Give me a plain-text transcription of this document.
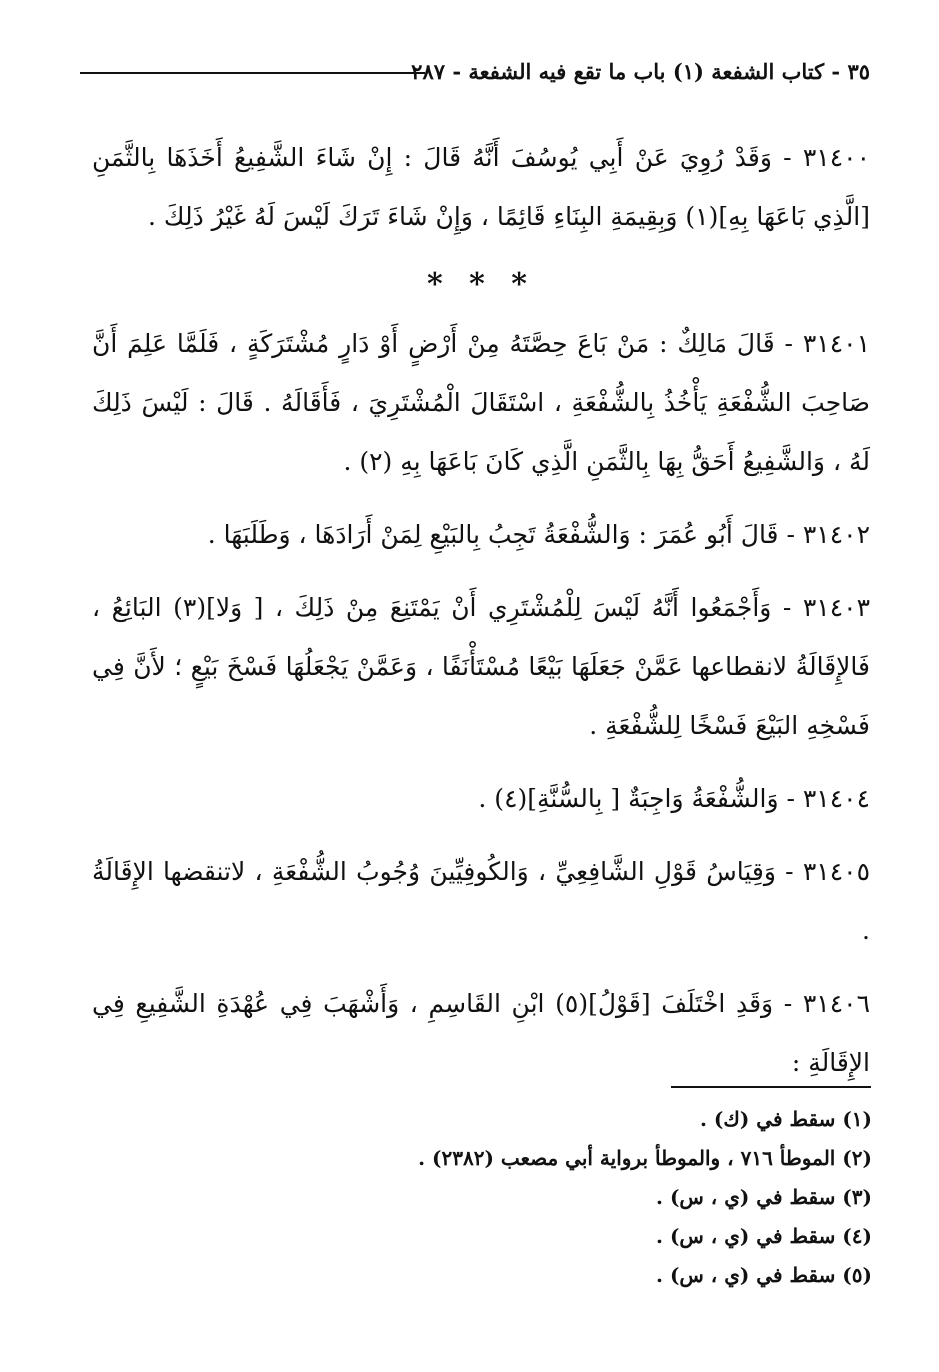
٣٥ - كتاب الشفعة (١) باب ما تقع فيه الشفعة - ٢٨٧

٣١٤٠٠ - وَقَدْ رُوِيَ عَنْ أَبِي يُوسُفَ أَنَّهُ قَالَ : إِنْ شَاءَ الشَّفِيعُ أَخَذَهَا بِالثَّمَنِ [الَّذِي بَاعَهَا بِهِ](١) وَبِقِيمَةِ البِنَاءِ قَائِمًا ، وَإِنْ شَاءَ تَرَكَ لَيْسَ لَهُ غَيْرُ ذَلِكَ .

* * *

٣١٤٠١ - قَالَ مَالِكٌ : مَنْ بَاعَ حِصَّتَهُ مِنْ أَرْضٍ أَوْ دَارٍ مُشْتَرَكَةٍ ، فَلَمَّا عَلِمَ أَنَّ صَاحِبَ الشُّفْعَةِ يَأْخُذُ بِالشُّفْعَةِ ، اسْتَقَالَ الْمُشْتَرِيَ ، فَأَقَالَهُ . قَالَ : لَيْسَ ذَلِكَ لَهُ ، وَالشَّفِيعُ أَحَقُّ بِهَا بِالثَّمَنِ الَّذِي كَانَ بَاعَهَا بِهِ (٢) .

٣١٤٠٢ - قَالَ أَبُو عُمَرَ : وَالشُّفْعَةُ تَجِبُ بِالبَيْعِ لِمَنْ أَرَادَهَا ، وَطَلَبَهَا .

٣١٤٠٣ - وَأَجْمَعُوا أَنَّهُ لَيْسَ لِلْمُشْتَرِي أَنْ يَمْتَنِعَ مِنْ ذَلِكَ ، [ وَلا](٣) البَائِعُ ، فَالإِقَالَةُ لانقطاعها عَمَّنْ جَعَلَهَا بَيْعًا مُسْتَأْنَفًا ، وَعَمَّنْ يَجْعَلُهَا فَسْخَ بَيْعٍ ؛ لأَنَّ فِي فَسْخِهِ البَيْعَ فَسْخًا لِلشُّفْعَةِ .

٣١٤٠٤ - وَالشُّفْعَةُ وَاجِبَةٌ [ بِالسُّنَّةِ](٤) .

٣١٤٠٥ - وَقِيَاسُ قَوْلِ الشَّافِعِيِّ ، وَالكُوفِيِّينَ وُجُوبُ الشُّفْعَةِ ، لاتنقضها الإِقَالَةُ .

٣١٤٠٦ - وَقَدِ اخْتَلَفَ [قَوْلُ](٥) ابْنِ القَاسِمِ ، وَأَشْهَبَ فِي عُهْدَةِ الشَّفِيعِ فِي الإِقَالَةِ :

(١) سقط في (ك) .

(٢) الموطأ ٧١٦ ، والموطأ برواية أبي مصعب (٢٣٨٢) .

(٣) سقط في (ي ، س) .

(٤) سقط في (ي ، س) .

(٥) سقط في (ي ، س) .
